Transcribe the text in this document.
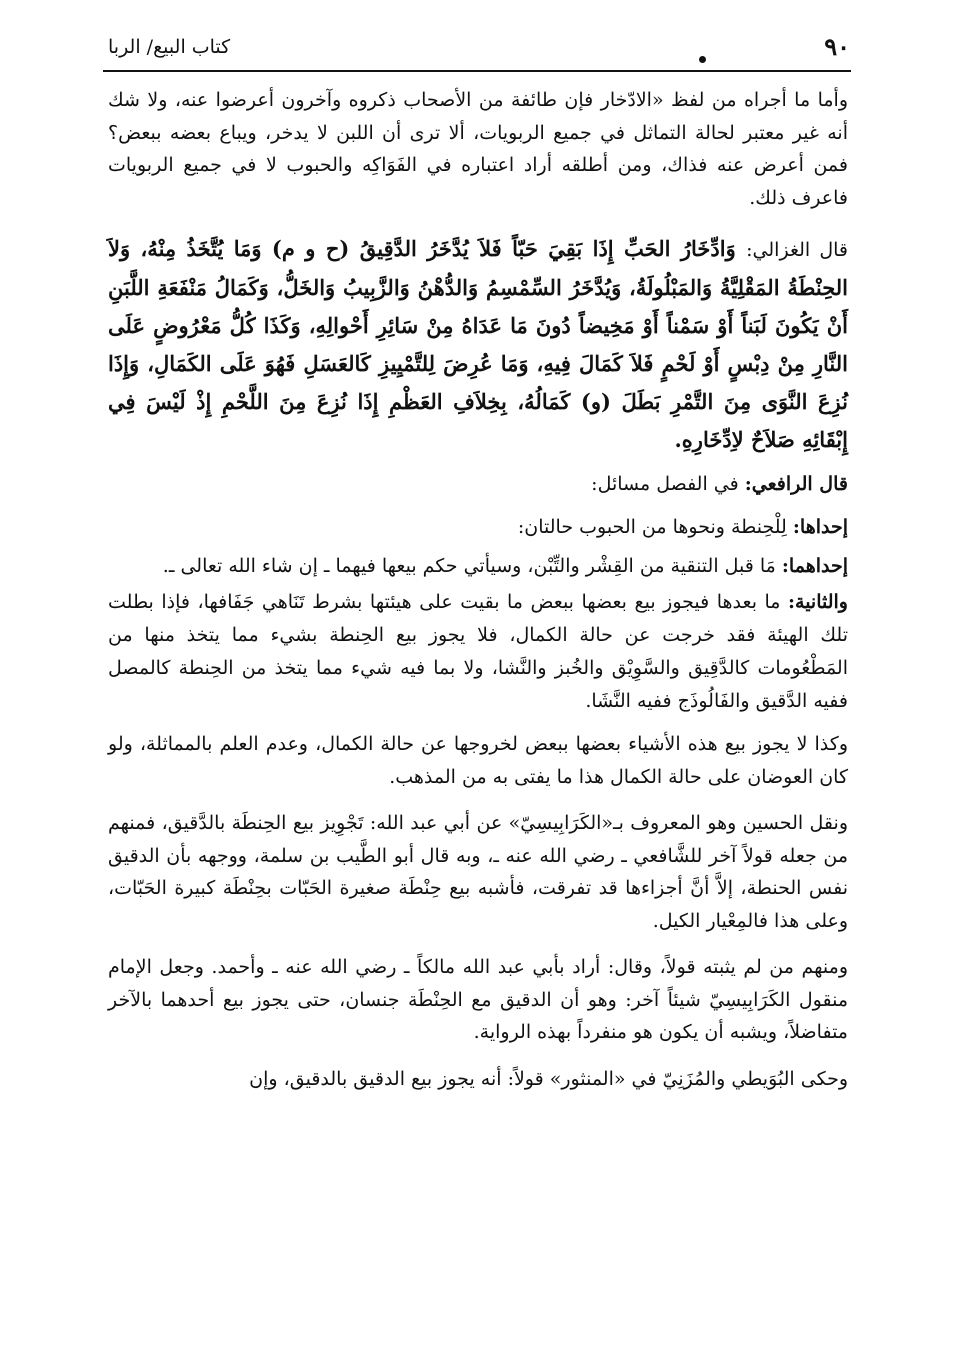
٩٠
كتاب البيع/ الربا

وأما ما أجراه من لفظ «الادّخار فإن طائفة من الأصحاب ذكروه وآخرون أعرضوا عنه، ولا شك أنه غير معتبر لحالة التماثل في جميع الربويات، ألا ترى أن اللبن لا يدخر، ويباع بعضه ببعض؟ فمن أعرض عنه فذاك، ومن أطلقه أراد اعتباره في الفَوَاكِه والحبوب لا في جميع الربويات فاعرف ذلك.

قال الغزالي: وَادِّخَارُ الحَبِّ إِذَا بَقِيَ حَبّاً فَلاَ يُدَّخَرُ الدَّقِيقُ (ح و م) وَمَا يُتَّخَذُ مِنْهُ، وَلاَ الحِنْطَةُ المَقْلِيَّةُ وَالمَبْلُولَةُ، وَيُدَّخَرُ السِّمْسِمُ وَالدُّهْنُ وَالزَّبِيبُ وَالخَلُّ، وَكَمَالُ مَنْفَعَةِ اللَّبَنِ أَنْ يَكُونَ لَبَناً أَوْ سَمْناً أَوْ مَخِيضاً دُونَ مَا عَدَاهُ مِنْ سَائِرِ أَحْوالِهِ، وَكَذَا كُلُّ مَعْرُوضٍ عَلَى النَّارِ مِنْ دِبْسٍ أَوْ لَحْمٍ فَلاَ كَمَالَ فِيهِ، وَمَا عُرِضَ لِلتَّمْيِيزِ كَالعَسَلِ فَهُوَ عَلَى الكَمَالِ، وَإِذَا نُزِعَ النَّوَى مِنَ التَّمْرِ بَطَلَ (و) كَمَالُهُ، بِخِلاَفِ العَظْمِ إِذَا نُزِعَ مِنَ اللَّحْمِ إِذْ لَيْسَ فِي إِبْقَائِهِ صَلاَحٌ لاِدِّخَارِهِ.

قال الرافعي: في الفصل مسائل:

إحداها: لِلْحِنطة ونحوها من الحبوب حالتان:

إحداهما: مَا قبل التنقية من القِشْر والتِّبْن، وسيأتي حكم بيعها فيهما ـ إن شاء الله تعالى ـ.

والثانية: ما بعدها فيجوز بيع بعضها ببعض ما بقيت على هيئتها بشرط تَنَاهي جَفَافها، فإذا بطلت تلك الهيئة فقد خرجت عن حالة الكمال، فلا يجوز بيع الحِنطة بشيء مما يتخذ منها من المَطْعُومات كالدَّقِيق والسَّوِيْق والخُبز والنَّشا، ولا بما فيه شيء مما يتخذ من الحِنطة كالمصل ففيه الدَّقيق والفَالُوذَج ففيه النَّشَا.

وكذا لا يجوز بيع هذه الأشياء بعضها ببعض لخروجها عن حالة الكمال، وعدم العلم بالمماثلة، ولو كان العوضان على حالة الكمال هذا ما يفتى به من المذهب.

ونقل الحسين وهو المعروف بـ«الكَرَابِيسِيّ» عن أبي عبد الله: تَجْوِيز بيع الحِنطَة بالدَّقيق، فمنهم من جعله قولاً آخر للشَّافعي ـ رضي الله عنه ـ، وبه قال أبو الطَّيب بن سلمة، ووجهه بأن الدقيق نفس الحنطة، إلاَّ أنَّ أجزاءها قد تفرقت، فأشبه بيع حِنْطَة صغيرة الحَبّات بحِنْطَة كبيرة الحَبّات، وعلى هذا فالمِعْيار الكيل.

ومنهم من لم يثبته قولاً، وقال: أراد بأبي عبد الله مالكاً ـ رضي الله عنه ـ وأحمد. وجعل الإمام منقول الكَرَابِيسِيّ شيئاً آخر: وهو أن الدقيق مع الحِنْطَة جنسان، حتى يجوز بيع أحدهما بالآخر متفاضلاً، ويشبه أن يكون هو منفرداً بهذه الرواية.

وحكى البُوَيطي والمُزَنِيّ في «المنثور» قولاً: أنه يجوز بيع الدقيق بالدقيق، وإن
